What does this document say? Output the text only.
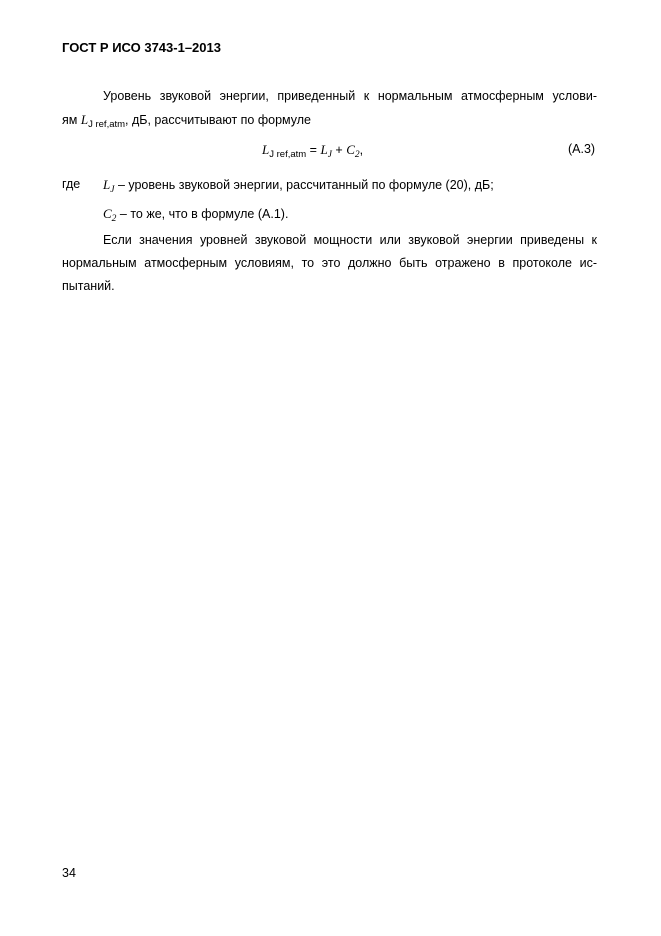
ГОСТ Р ИСО 3743-1–2013
Уровень звуковой энергии, приведенный к нормальным атмосферным услови-
ям $L_{J ref,atm}$, дБ, рассчитывают по формуле
$L_{J ref,atm} = L_J + C_2$,	(А.3)
где $L_J$ – уровень звуковой энергии, рассчитанный по формуле (20), дБ;
$C_2$ – то же, что в формуле (А.1).
Если значения уровней звуковой мощности или звуковой энергии приведены к
нормальным атмосферным условиям, то это должно быть отражено в протоколе ис-
пытаний.
34
